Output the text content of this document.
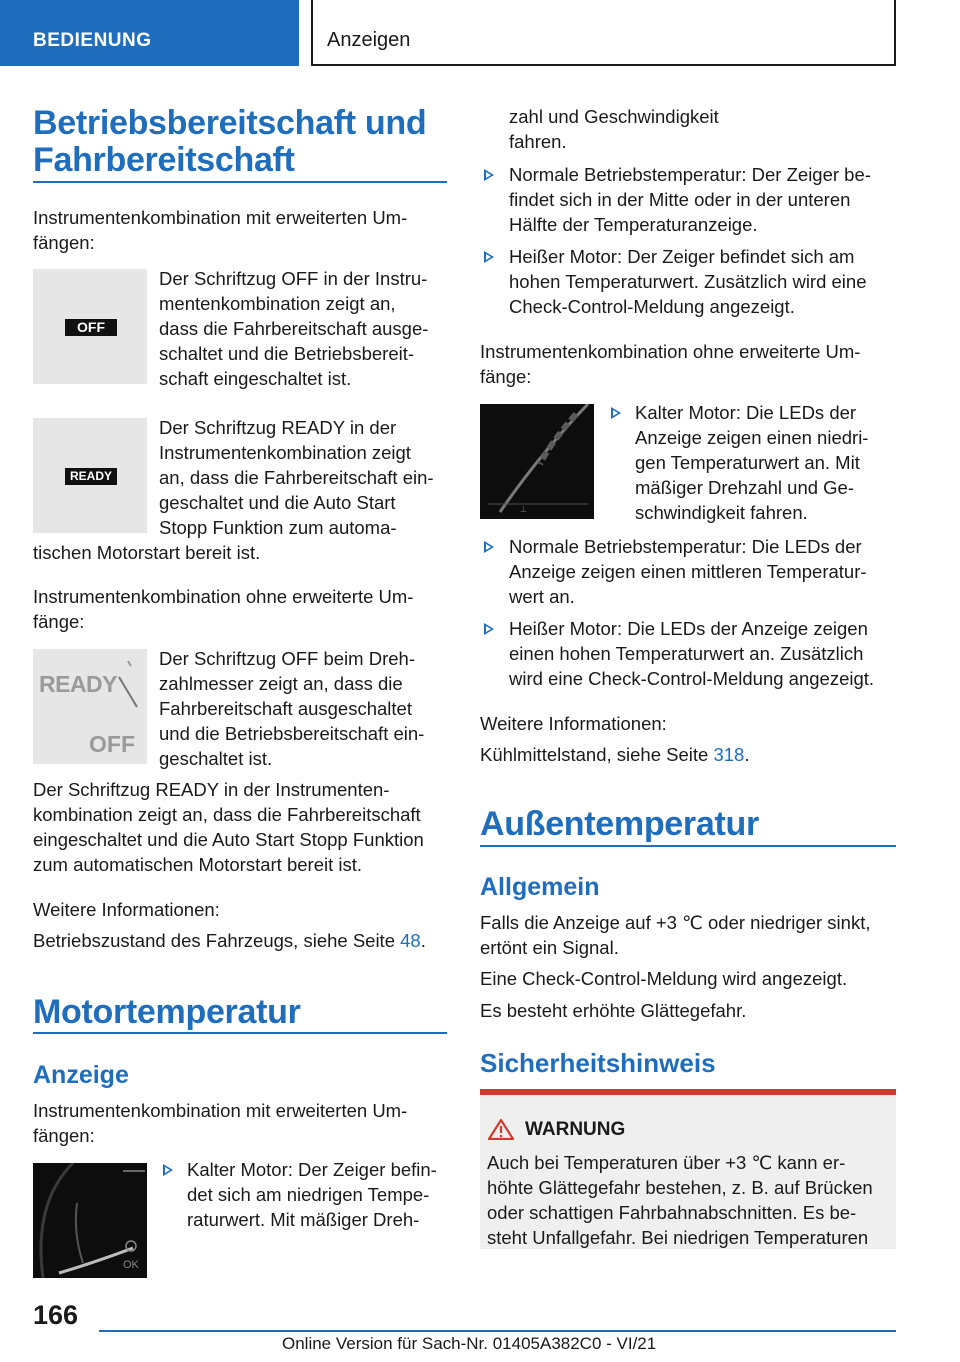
BEDIENUNG	Anzeigen
Betriebsbereitschaft und
Fahrbereitschaft
Instrumentenkombination mit erweiterten Um-
fängen:
OFF
Der Schriftzug OFF in der Instru-
mentenkombination zeigt an,
dass die Fahrbereitschaft ausge-
schaltet und die Betriebsbereit-
schaft eingeschaltet ist.
READY
Der Schriftzug READY in der
Instrumentenkombination zeigt
an, dass die Fahrbereitschaft ein-
geschaltet und die Auto Start
Stopp Funktion zum automa-
tischen Motorstart bereit ist.
Instrumentenkombination ohne erweiterte Um-
fänge:
READY
OFF
Der Schriftzug OFF beim Dreh-
zahlmesser zeigt an, dass die
Fahrbereitschaft ausgeschaltet
und die Betriebsbereitschaft ein-
geschaltet ist.
Der Schriftzug READY in der Instrumenten-
kombination zeigt an, dass die Fahrbereitschaft
eingeschaltet und die Auto Start Stopp Funktion
zum automatischen Motorstart bereit ist.
Weitere Informationen:
Betriebszustand des Fahrzeugs, siehe Seite 48.
Motortemperatur
Anzeige
Instrumentenkombination mit erweiterten Um-
fängen:
OK
Kalter Motor: Der Zeiger befin-
det sich am niedrigen Tempe-
raturwert. Mit mäßiger Dreh-
zahl und Geschwindigkeit
fahren.
Normale Betriebstemperatur: Der Zeiger be-
findet sich in der Mitte oder in der unteren
Hälfte der Temperaturanzeige.
Heißer Motor: Der Zeiger befindet sich am
hohen Temperaturwert. Zusätzlich wird eine
Check-Control-Meldung angezeigt.
Instrumentenkombination ohne erweiterte Um-
fänge:
⊥
Kalter Motor: Die LEDs der
Anzeige zeigen einen niedri-
gen Temperaturwert an. Mit
mäßiger Drehzahl und Ge-
schwindigkeit fahren.
Normale Betriebstemperatur: Die LEDs der
Anzeige zeigen einen mittleren Temperatur-
wert an.
Heißer Motor: Die LEDs der Anzeige zeigen
einen hohen Temperaturwert an. Zusätzlich
wird eine Check-Control-Meldung angezeigt.
Weitere Informationen:
Kühlmittelstand, siehe Seite 318.
Außentemperatur
Allgemein
Falls die Anzeige auf +3 ℃ oder niedriger sinkt,
ertönt ein Signal.
Eine Check-Control-Meldung wird angezeigt.
Es besteht erhöhte Glättegefahr.
Sicherheitshinweis
WARNUNG
Auch bei Temperaturen über +3 ℃ kann er-
höhte Glättegefahr bestehen, z. B. auf Brücken
oder schattigen Fahrbahnabschnitten. Es be-
steht Unfallgefahr. Bei niedrigen Temperaturen
166
Online Version für Sach-Nr. 01405A382C0 - VI/21
